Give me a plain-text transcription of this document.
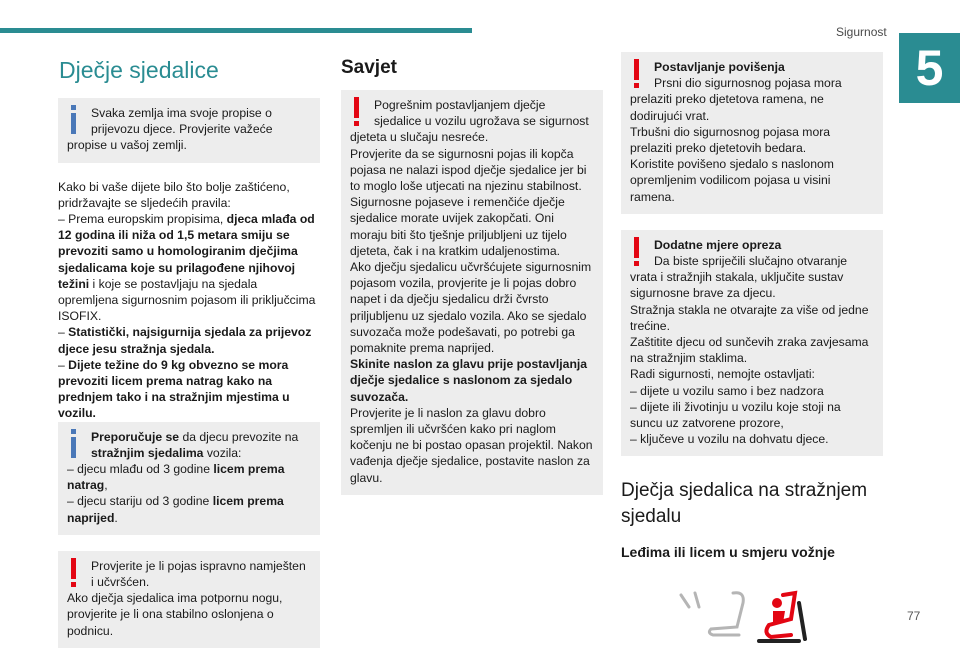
Sigurnost
5
Dječje sjedalice

Svaka zemlja ima svoje propise o prijevozu djece. Provjerite važeće propise u vašoj zemlji.

Kako bi vaše dijete bilo što bolje zaštićeno, pridržavajte se sljedećih pravila:

– Prema europskim propisima, djeca mlađa od 12 godina ili niža od 1,5 metara smiju se prevoziti samo u homologiranim dječjima sjedalicama koje su prilagođene njihovoj težini i koje se postavljaju na sjedala opremljena sigurnosnim pojasom ili priključcima ISOFIX.

– Statistički, najsigurnija sjedala za prijevoz djece jesu stražnja sjedala.

– Dijete težine do 9 kg obvezno se mora prevoziti licem prema natrag kako na prednjem tako i na stražnjim mjestima u vozilu.

Preporučuje se da djecu prevozite na stražnjim sjedalima vozila:

– djecu mlađu od 3 godine licem prema natrag,

– djecu stariju od 3 godine licem prema naprijed.

Provjerite je li pojas ispravno namješten i učvršćen.

Ako dječja sjedalica ima potpornu nogu, provjerite je li ona stabilno oslonjena o podnicu.

Savjet

Pogrešnim postavljanjem dječje sjedalice u vozilu ugrožava se sigurnost djeteta u slučaju nesreće.

Provjerite da se sigurnosni pojas ili kopča pojasa ne nalazi ispod dječje sjedalice jer bi to moglo loše utjecati na njezinu stabilnost.

Sigurnosne pojaseve i remenčiće dječje sjedalice morate uvijek zakopčati. Oni moraju biti što tješnje priljubljeni uz tijelo djeteta, čak i na kratkim udaljenostima.

Ako dječju sjedalicu učvršćujete sigurnosnim pojasom vozila, provjerite je li pojas dobro napet i da dječju sjedalicu drži čvrsto priljubljenu uz sjedalo vozila. Ako se sjedalo suvozača može podešavati, po potrebi ga pomaknite prema naprijed.

Skinite naslon za glavu prije postavljanja dječje sjedalice s naslonom za sjedalo suvozača.

Provjerite je li naslon za glavu dobro spremljen ili učvršćen kako pri naglom kočenju ne bi postao opasan projektil. Nakon vađenja dječje sjedalice, postavite naslon za glavu.

Postavljanje povišenja

Prsni dio sigurnosnog pojasa mora prelaziti preko djetetova ramena, ne dodirujući vrat.

Trbušni dio sigurnosnog pojasa mora prelaziti preko djetetovih bedara.

Koristite povišeno sjedalo s naslonom opremljenim vodilicom pojasa u visini ramena.

Dodatne mjere opreza

Da biste spriječili slučajno otvaranje vrata i stražnjih stakala, uključite sustav sigurnosne brave za djecu.

Stražnja stakla ne otvarajte za više od jedne trećine.

Zaštitite djecu od sunčevih zraka zavjesama na stražnjim staklima.

Radi sigurnosti, nemojte ostavljati:

– dijete u vozilu samo i bez nadzora

– dijete ili životinju u vozilu koje stoji na suncu uz zatvorene prozore,

– ključeve u vozilu na dohvatu djece.

Dječja sjedalica na stražnjem sjedalu
Leđima ili licem u smjeru vožnje
77
